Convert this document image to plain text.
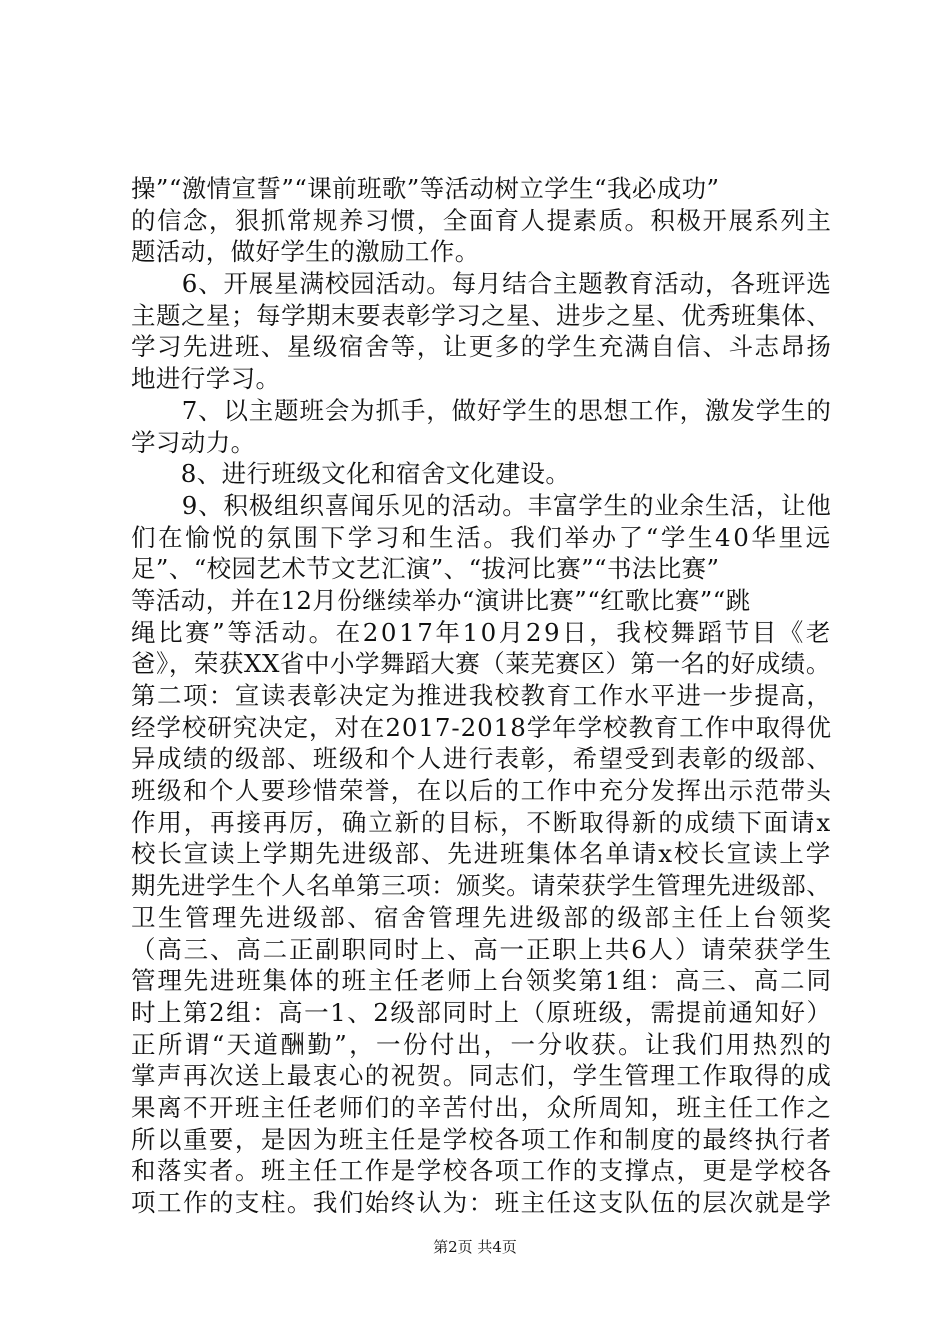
操”“激情宣誓”“课前班歌”等活动树立学生“我必成功”
的信念，狠抓常规养习惯，全面育人提素质。积极开展系列主
题活动，做好学生的激励工作。
　　6、开展星满校园活动。每月结合主题教育活动，各班评选
主题之星；每学期末要表彰学习之星、进步之星、优秀班集体、
学习先进班、星级宿舍等，让更多的学生充满自信、斗志昂扬
地进行学习。
　　7、以主题班会为抓手，做好学生的思想工作，激发学生的
学习动力。
　　8、进行班级文化和宿舍文化建设。
　　9、积极组织喜闻乐见的活动。丰富学生的业余生活，让他
们在愉悦的氛围下学习和生活。我们举办了“学生40华里远
足”、“校园艺术节文艺汇演”、“拔河比赛”“书法比赛”
等活动，并在12月份继续举办“演讲比赛”“红歌比赛”“跳
绳比赛”等活动。在2017年10月29日，我校舞蹈节目《老
爸》，荣获XX省中小学舞蹈大赛（莱芜赛区）第一名的好成绩。
第二项：宣读表彰决定为推进我校教育工作水平进一步提高，
经学校研究决定，对在2017-2018学年学校教育工作中取得优
异成绩的级部、班级和个人进行表彰，希望受到表彰的级部、
班级和个人要珍惜荣誉，在以后的工作中充分发挥出示范带头
作用，再接再厉，确立新的目标，不断取得新的成绩下面请x
校长宣读上学期先进级部、先进班集体名单请x校长宣读上学
期先进学生个人名单第三项：颁奖。请荣获学生管理先进级部、
卫生管理先进级部、宿舍管理先进级部的级部主任上台领奖
（高三、高二正副职同时上、高一正职上共6人）请荣获学生
管理先进班集体的班主任老师上台领奖第1组：高三、高二同
时上第2组：高一1、2级部同时上（原班级，需提前通知好）
正所谓“天道酬勤”，一份付出，一分收获。让我们用热烈的
掌声再次送上最衷心的祝贺。同志们，学生管理工作取得的成
果离不开班主任老师们的辛苦付出，众所周知，班主任工作之
所以重要，是因为班主任是学校各项工作和制度的最终执行者
和落实者。班主任工作是学校各项工作的支撑点，更是学校各
项工作的支柱。我们始终认为：班主任这支队伍的层次就是学
第2页 共4页
